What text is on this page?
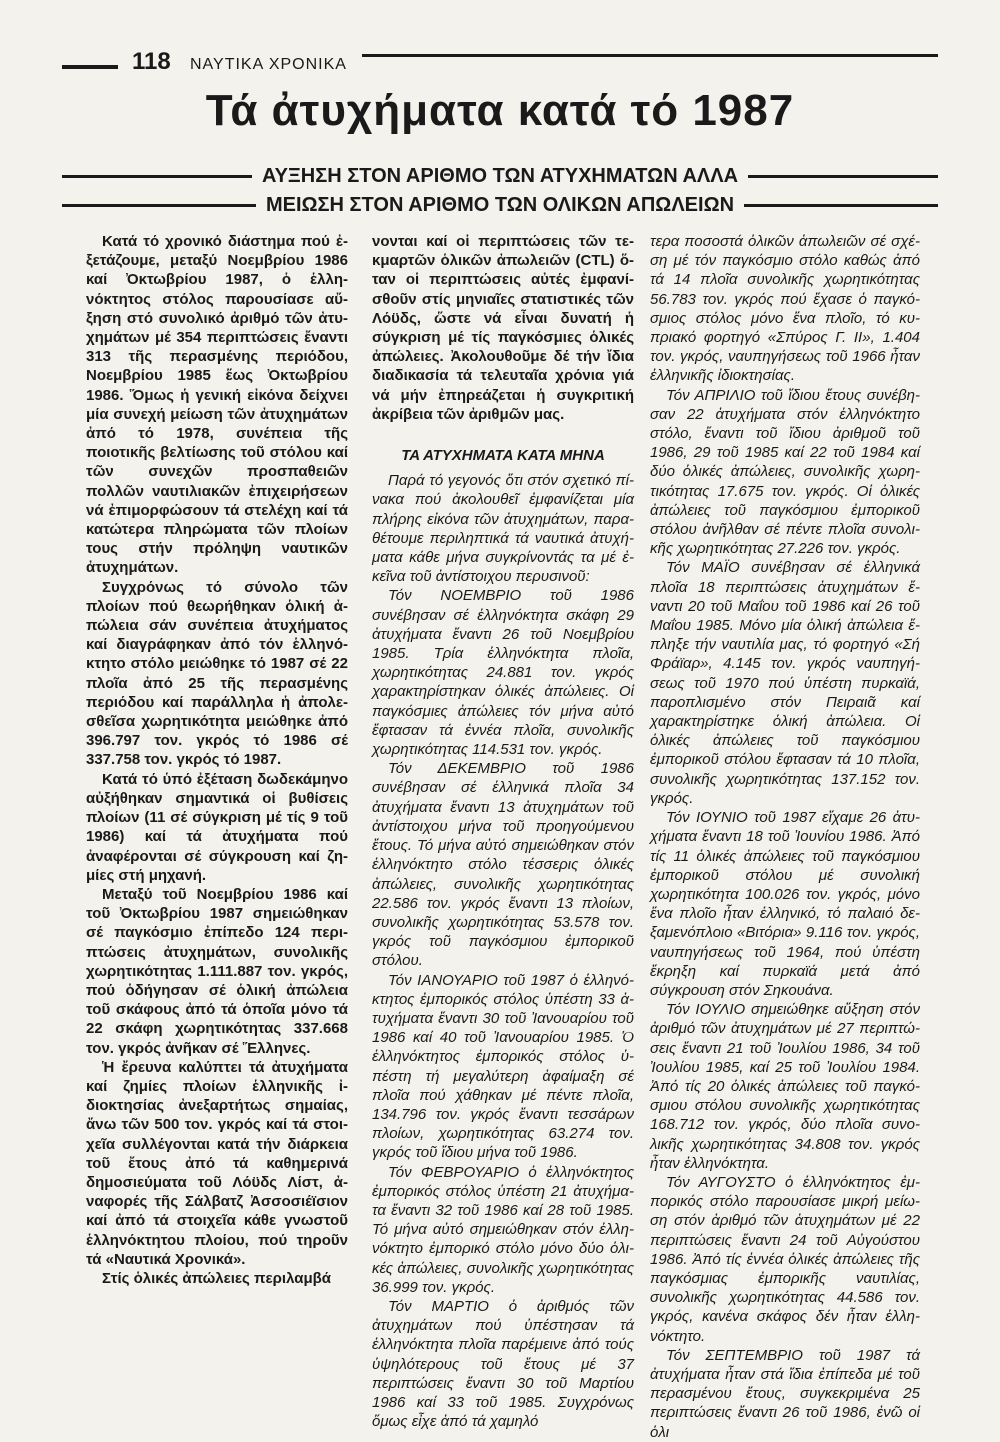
118 ΝΑΥΤΙΚΑ ΧΡΟΝΙΚΑ
Τά ἀτυχήματα κατά τό 1987
ΑΥΞΗΣΗ ΣΤΟΝ ΑΡΙΘΜΟ ΤΩΝ ΑΤΥΧΗΜΑΤΩΝ ΑΛΛΑ
ΜΕΙΩΣΗ ΣΤΟΝ ΑΡΙΘΜΟ ΤΩΝ ΟΛΙΚΩΝ ΑΠΩΛΕΙΩΝ

Κατά τό χρονικό διάστημα πού ἐξετάζουμε, μεταξύ Νοεμβρίου 1986 καί Ὀκτωβρίου 1987, ὁ ἑλληνόκτητος στόλος παρουσίασε αὔξηση στό συνολικό ἀριθμό τῶν ἀτυχημάτων μέ 354 περιπτώσεις ἔναντι 313 τῆς περασμένης περιόδου, Νοεμβρίου 1985 ἕως Ὀκτωβρίου 1986. Ὅμως ἡ γενική εἰκόνα δείχνει μία συνεχή μείωση τῶν ἀτυχημάτων ἀπό τό 1978, συνέπεια τῆς ποιοτικῆς βελτίωσης τοῦ στόλου καί τῶν συνεχῶν προσπαθειῶν πολλῶν ναυτιλιακῶν ἐπιχειρήσεων νά ἐπιμορφώσουν τά στελέχη καί τά κατώτερα πληρώματα τῶν πλοίων τους στήν πρόληψη ναυτικῶν ἀτυχημάτων.

Συγχρόνως τό σύνολο τῶν πλοίων πού θεωρήθηκαν ὁλική ἀπώλεια σάν συνέπεια ἀτυχήματος καί διαγράφηκαν ἀπό τόν ἑλληνόκτητο στόλο μειώθηκε τό 1987 σέ 22 πλοῖα ἀπό 25 τῆς περασμένης περιόδου καί παράλληλα ἡ ἀπολεσθεῖσα χωρητικότητα μειώθηκε ἀπό 396.797 τον. γκρός τό 1986 σέ 337.758 τον. γκρός τό 1987.

Κατά τό ὑπό ἐξέταση δωδεκάμηνο αὐξήθηκαν σημαντικά οἱ βυθίσεις πλοίων (11 σέ σύγκριση μέ τίς 9 τοῦ 1986) καί τά ἀτυχήματα πού ἀναφέρονται σέ σύγκρουση καί ζημίες στή μηχανή.

Μεταξύ τοῦ Νοεμβρίου 1986 καί τοῦ Ὀκτωβρίου 1987 σημειώθηκαν σέ παγκόσμιο ἐπίπεδο 124 περιπτώσεις ἀτυχημάτων, συνολικῆς χωρητικότητας 1.111.887 τον. γκρός, πού ὁδήγησαν σέ ὁλική ἀπώλεια τοῦ σκάφους ἀπό τά ὁποῖα μόνο τά 22 σκάφη χωρητικότητας 337.668 τον. γκρός ἀνῆκαν σέ Ἕλληνες.

Ἡ ἔρευνα καλύπτει τά ἀτυχήματα καί ζημίες πλοίων ἑλληνικῆς ἰδιοκτησίας ἀνεξαρτήτως σημαίας, ἄνω τῶν 500 τον. γκρός καί τά στοιχεῖα συλλέγονται κατά τήν διάρκεια τοῦ ἔτους ἀπό τά καθημερινά δημοσιεύματα τοῦ Λόϋδς Λίστ, ἀναφορές τῆς Σάλβατζ Ἀσσοσιέϊσιον καί ἀπό τά στοιχεῖα κάθε γνωστοῦ ἑλληνόκτητου πλοίου, πού τηροῦν τά «Ναυτικά Χρονικά».

Στίς ὁλικές ἀπώλειες περιλαμβά

νονται καί οἱ περιπτώσεις τῶν τεκμαρτῶν ὁλικῶν ἀπωλειῶν (CTL) ὅταν οἱ περιπτώσεις αὐτές ἐμφανίσθοῦν στίς μηνιαῖες στατιστικές τῶν Λόϋδς, ὥστε νά εἶναι δυνατή ἡ σύγκριση μέ τίς παγκόσμιες ὁλικές ἀπώλειες. Ἀκολουθοῦμε δέ τήν ἴδια διαδικασία τά τελευταῖα χρόνια γιά νά μήν ἐπηρεάζεται ἡ συγκριτική ἀκρίβεια τῶν ἀριθμῶν μας.

ΤΑ ΑΤΥΧΗΜΑΤΑ ΚΑΤΑ ΜΗΝΑ

Παρά τό γεγονός ὅτι στόν σχετικό πίνακα πού ἀκολουθεῖ ἐμφανίζεται μία πλήρης εἰκόνα τῶν ἀτυχημάτων, παραθέτουμε περιληπτικά τά ναυτικά ἀτυχήματα κάθε μήνα συγκρίνοντάς τα μέ ἐκεῖνα τοῦ ἀντίστοιχου περυσινοῦ:

Τόν ΝΟΕΜΒΡΙΟ τοῦ 1986 συνέβησαν σέ ἑλληνόκτητα σκάφη 29 ἀτυχήματα ἔναντι 26 τοῦ Νοεμβρίου 1985. Τρία ἑλληνόκτητα πλοῖα, χωρητικότητας 24.881 τον. γκρός χαρακτηρίστηκαν ὁλικές ἀπώλειες. Οἱ παγκόσμιες ἀπώλειες τόν μήνα αὐτό ἔφτασαν τά ἐννέα πλοῖα, συνολικῆς χωρητικότητας 114.531 τον. γκρός.

Τόν ΔΕΚΕΜΒΡΙΟ τοῦ 1986 συνέβησαν σέ ἑλληνικά πλοῖα 34 ἀτυχήματα ἔναντι 13 ἀτυχημάτων τοῦ ἀντίστοιχου μήνα τοῦ προηγούμενου ἔτους. Τό μήνα αὐτό σημειώθηκαν στόν ἑλληνόκτητο στόλο τέσσερις ὁλικές ἀπώλειες, συνολικῆς χωρητικότητας 22.586 τον. γκρός ἔναντι 13 πλοίων, συνολικῆς χωρητικότητας 53.578 τον. γκρός τοῦ παγκόσμιου ἐμπορικοῦ στόλου.

Τόν ΙΑΝΟΥΑΡΙΟ τοῦ 1987 ὁ ἑλληνόκτητος ἐμπορικός στόλος ὑπέστη 33 ἀτυχήματα ἔναντι 30 τοῦ Ἰανουαρίου τοῦ 1986 καί 40 τοῦ Ἰανουαρίου 1985. Ὁ ἑλληνόκτητος ἐμπορικός στόλος ὑπέστη τή μεγαλύτερη ἀφαίμαξη σέ πλοῖα πού χάθηκαν μέ πέντε πλοῖα, 134.796 τον. γκρός ἔναντι τεσσάρων πλοίων, χωρητικότητας 63.274 τον. γκρός τοῦ ἴδιου μήνα τοῦ 1986.

Τόν ΦΕΒΡΟΥΑΡΙΟ ὁ ἑλληνόκτητος ἐμπορικός στόλος ὑπέστη 21 ἀτυχήματα ἔναντι 32 τοῦ 1986 καί 28 τοῦ 1985. Τό μήνα αὐτό σημειώθηκαν στόν ἑλληνόκτητο ἐμπορικό στόλο μόνο δύο ὁλικές ἀπώλειες, συνολικῆς χωρητικότητας 36.999 τον. γκρός.

Τόν ΜΑΡΤΙΟ ὁ ἀριθμός τῶν ἀτυχημάτων πού ὑπέστησαν τά ἑλληνόκτητα πλοῖα παρέμεινε ἀπό τούς ὑψηλότερους τοῦ ἔτους μέ 37 περιπτώσεις ἔναντι 30 τοῦ Μαρτίου 1986 καί 33 τοῦ 1985. Συγχρόνως ὅμως εἶχε ἀπό τά χαμηλό

τερα ποσοστά ὁλικῶν ἀπωλειῶν σέ σχέση μέ τόν παγκόσμιο στόλο καθώς ἀπό τά 14 πλοῖα συνολικῆς χωρητικότητας 56.783 τον. γκρός πού ἔχασε ὁ παγκόσμιος στόλος μόνο ἕνα πλοῖο, τό κυπριακό φορτηγό «Σπύρος Γ. ΙΙ», 1.404 τον. γκρός, ναυπηγήσεως τοῦ 1966 ἦταν ἑλληνικῆς ἰδιοκτησίας.

Τόν ΑΠΡΙΛΙΟ τοῦ ἴδιου ἔτους συνέβησαν 22 ἀτυχήματα στόν ἑλληνόκτητο στόλο, ἔναντι τοῦ ἴδιου ἀριθμοῦ τοῦ 1986, 29 τοῦ 1985 καί 22 τοῦ 1984 καί δύο ὁλικές ἀπώλειες, συνολικῆς χωρητικότητας 17.675 τον. γκρός. Οἱ ὁλικές ἀπώλειες τοῦ παγκόσμιου ἐμπορικοῦ στόλου ἀνῆλθαν σέ πέντε πλοῖα συνολικῆς χωρητικότητας 27.226 τον. γκρός.

Τόν ΜΑΪΟ συνέβησαν σέ ἑλληνικά πλοῖα 18 περιπτώσεις ἀτυχημάτων ἔναντι 20 τοῦ Μαΐου τοῦ 1986 καί 26 τοῦ Μαΐου 1985. Μόνο μία ὁλική ἀπώλεια ἔπληξε τήν ναυτιλία μας, τό φορτηγό «Σή Φράϊαρ», 4.145 τον. γκρός ναυπηγήσεως τοῦ 1970 πού ὑπέστη πυρκαϊά, παροπλισμένο στόν Πειραιᾶ καί χαρακτηρίστηκε ὁλική ἀπώλεια. Οἱ ὁλικές ἀπώλειες τοῦ παγκόσμιου ἐμπορικοῦ στόλου ἔφτασαν τά 10 πλοῖα, συνολικῆς χωρητικότητας 137.152 τον. γκρός.

Τόν ΙΟΥΝΙΟ τοῦ 1987 εἴχαμε 26 ἀτυχήματα ἔναντι 18 τοῦ Ἰουνίου 1986. Ἀπό τίς 11 ὁλικές ἀπώλειες τοῦ παγκόσμιου ἐμπορικοῦ στόλου μέ συνολική χωρητικότητα 100.026 τον. γκρός, μόνο ἕνα πλοῖο ἦταν ἑλληνικό, τό παλαιό δεξαμενόπλοιο «Βιτόρια» 9.116 τον. γκρός, ναυπηγήσεως τοῦ 1964, πού ὑπέστη ἔκρηξη καί πυρκαϊά μετά ἀπό σύγκρουση στόν Σηκουάνα.

Τόν ΙΟΥΛΙΟ σημειώθηκε αὔξηση στόν ἀριθμό τῶν ἀτυχημάτων μέ 27 περιπτώσεις ἔναντι 21 τοῦ Ἰουλίου 1986, 34 τοῦ Ἰουλίου 1985, καί 25 τοῦ Ἰουλίου 1984. Ἀπό τίς 20 ὁλικές ἀπώλειες τοῦ παγκόσμιου στόλου συνολικῆς χωρητικότητας 168.712 τον. γκρός, δύο πλοῖα συνολικῆς χωρητικότητας 34.808 τον. γκρός ἦταν ἑλληνόκτητα.

Τόν ΑΥΓΟΥΣΤΟ ὁ ἑλληνόκτητος ἐμπορικός στόλο παρουσίασε μικρή μείωση στόν ἀριθμό τῶν ἀτυχημάτων μέ 22 περιπτώσεις ἔναντι 24 τοῦ Αὐγούστου 1986. Ἀπό τίς ἐννέα ὁλικές ἀπώλειες τῆς παγκόσμιας ἐμπορικῆς ναυτιλίας, συνολικῆς χωρητικότητας 44.586 τον. γκρός, κανένα σκάφος δέν ἦταν ἑλληνόκτητο.

Τόν ΣΕΠΤΕΜΒΡΙΟ τοῦ 1987 τά ἀτυχήματα ἦταν στά ἴδια ἐπίπεδα μέ τοῦ περασμένου ἔτους, συγκεκριμένα 25 περιπτώσεις ἔναντι 26 τοῦ 1986, ἐνῶ οἱ ὁλι
